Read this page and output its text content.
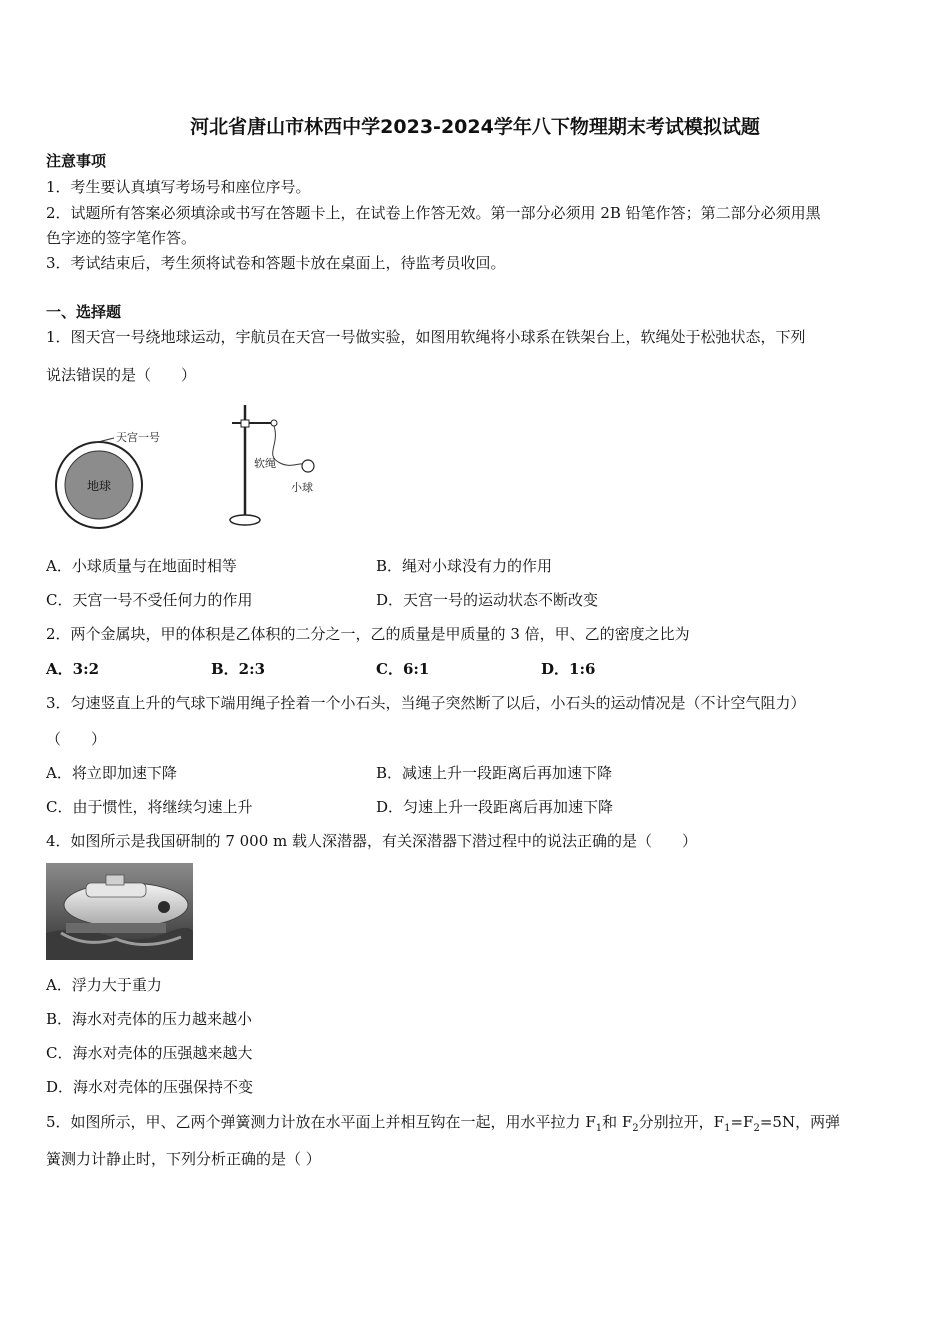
河北省唐山市林西中学2023-2024学年八下物理期末考试模拟试题
注意事项
1．考生要认真填写考场号和座位序号。
2．试题所有答案必须填涂或书写在答题卡上，在试卷上作答无效。第一部分必须用 2B 铅笔作答；第二部分必须用黑
色字迹的签字笔作答。
3．考试结束后，考生须将试卷和答题卡放在桌面上，待监考员收回。
一、选择题
1．图天宫一号绕地球运动，宇航员在天宫一号做实验，如图用软绳将小球系在铁架台上，软绳处于松弛状态，下列
说法错误的是（　　）
地球
天宫一号
软绳
小球
A．小球质量与在地面时相等	B．绳对小球没有力的作用
C．天宫一号不受任何力的作用	D．天宫一号的运动状态不断改变
2．两个金属块，甲的体积是乙体积的二分之一，乙的质量是甲质量的 3 倍，甲、乙的密度之比为
A．3:2	B．2:3	C．6:1	D．1:6
3．匀速竖直上升的气球下端用绳子拴着一个小石头，当绳子突然断了以后，小石头的运动情况是（不计空气阻力）
（　　）
A．将立即加速下降	B．减速上升一段距离后再加速下降
C．由于惯性，将继续匀速上升	D．匀速上升一段距离后再加速下降
4．如图所示是我国研制的 7 000 m 载人深潜器，有关深潜器下潜过程中的说法正确的是（　　）
A．浮力大于重力
B．海水对壳体的压力越来越小
C．海水对壳体的压强越来越大
D．海水对壳体的压强保持不变
5．如图所示，甲、乙两个弹簧测力计放在水平面上并相互钩在一起，用水平拉力 $F_1$和 $F_2$分别拉开，$F_1=F_2=5N$，两弹
簧测力计静止时，下列分析正确的是（ ）
